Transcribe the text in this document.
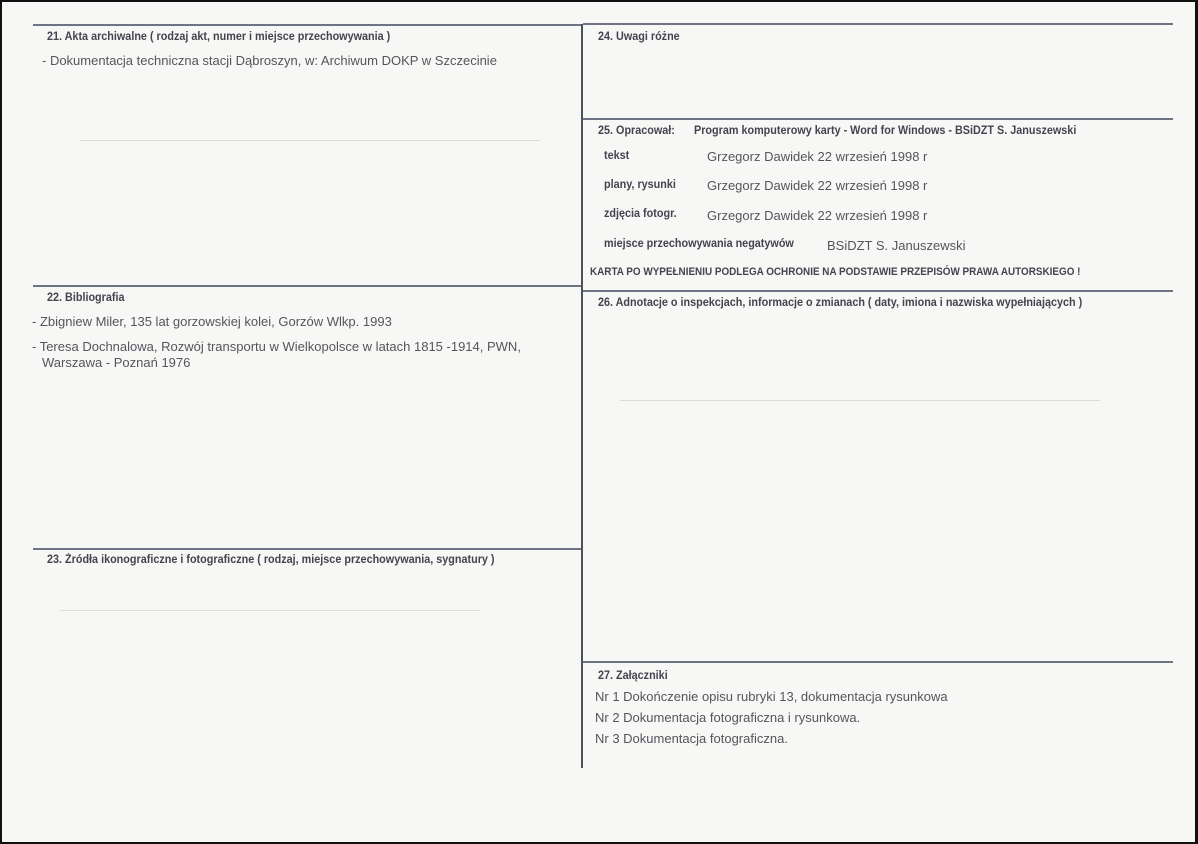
21. Akta archiwalne ( rodzaj akt, numer i miejsce przechowywania )
- Dokumentacja techniczna stacji Dąbroszyn, w: Archiwum DOKP w Szczecinie
22. Bibliografia
- Zbigniew Miler, 135 lat gorzowskiej kolei, Gorzów Wlkp. 1993
- Teresa Dochnalowa, Rozwój transportu w Wielkopolsce w latach 1815 -1914, PWN,
Warszawa - Poznań 1976
23. Źródła ikonograficzne i fotograficzne ( rodzaj, miejsce przechowywania, sygnatury )
24. Uwagi różne
25. Opracował: Program komputerowy karty - Word for Windows - BSiDZT S. Januszewski
tekst	Grzegorz Dawidek 22 wrzesień 1998 r
plany, rysunki Grzegorz Dawidek 22 wrzesień 1998 r
zdjęcia fotogr. Grzegorz Dawidek 22 wrzesień 1998 r
miejsce przechowywania negatywów	BSiDZT S. Januszewski
KARTA PO WYPEŁNIENIU PODLEGA OCHRONIE NA PODSTAWIE PRZEPISÓW PRAWA AUTORSKIEGO !
26. Adnotacje o inspekcjach, informacje o zmianach ( daty, imiona i nazwiska wypełniających )
27. Załączniki
Nr 1 Dokończenie opisu rubryki 13, dokumentacja rysunkowa
Nr 2 Dokumentacja fotograficzna i rysunkowa.
Nr 3 Dokumentacja fotograficzna.
